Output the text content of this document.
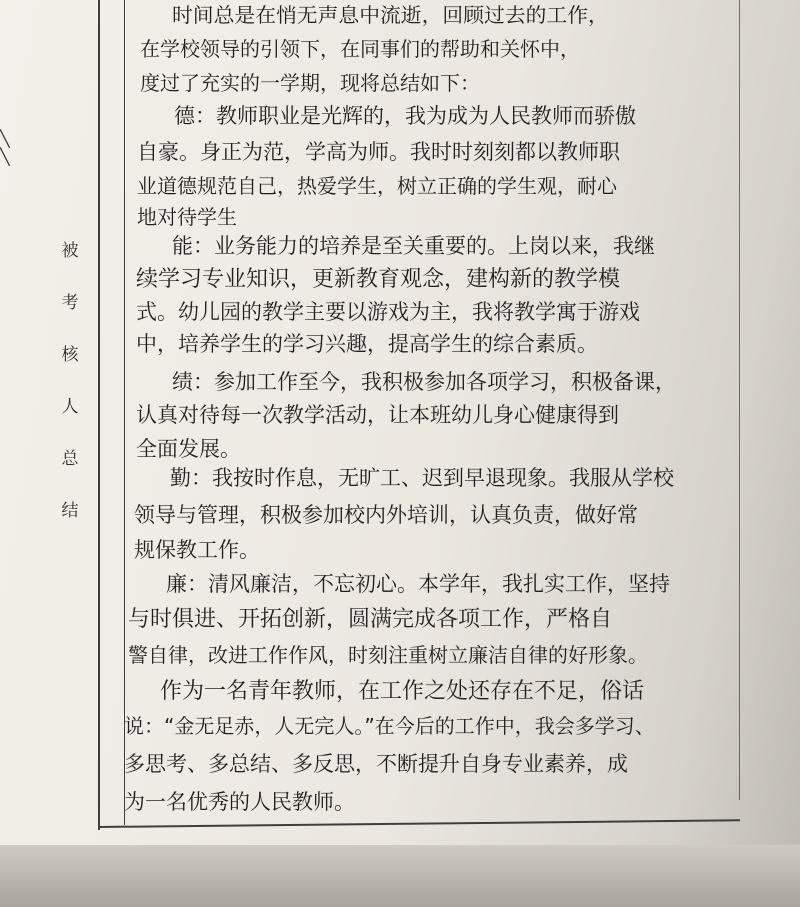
╲
╲
被
考
核
人
总
结
时间总是在悄无声息中流逝，回顾过去的工作，
在学校领导的引领下，在同事们的帮助和关怀中，
度过了充实的一学期，现将总结如下：
德：教师职业是光辉的，我为成为人民教师而骄傲
自豪。身正为范，学高为师。我时时刻刻都以教师职
业道德规范自己，热爱学生，树立正确的学生观，耐心
地对待学生
能：业务能力的培养是至关重要的。上岗以来，我继
续学习专业知识，更新教育观念，建构新的教学模
式。幼儿园的教学主要以游戏为主，我将教学寓于游戏
中，培养学生的学习兴趣，提高学生的综合素质。
绩：参加工作至今，我积极参加各项学习，积极备课，
认真对待每一次教学活动，让本班幼儿身心健康得到
全面发展。
勤：我按时作息，无旷工、迟到早退现象。我服从学校
领导与管理，积极参加校内外培训，认真负责，做好常
规保教工作。
廉：清风廉洁，不忘初心。本学年，我扎实工作，坚持
与时俱进、开拓创新，圆满完成各项工作，严格自
警自律，改进工作作风，时刻注重树立廉洁自律的好形象。
作为一名青年教师，在工作之处还存在不足，俗话
说：“金无足赤，人无完人。”在今后的工作中，我会多学习、
多思考、多总结、多反思，不断提升自身专业素养，成
为一名优秀的人民教师。
